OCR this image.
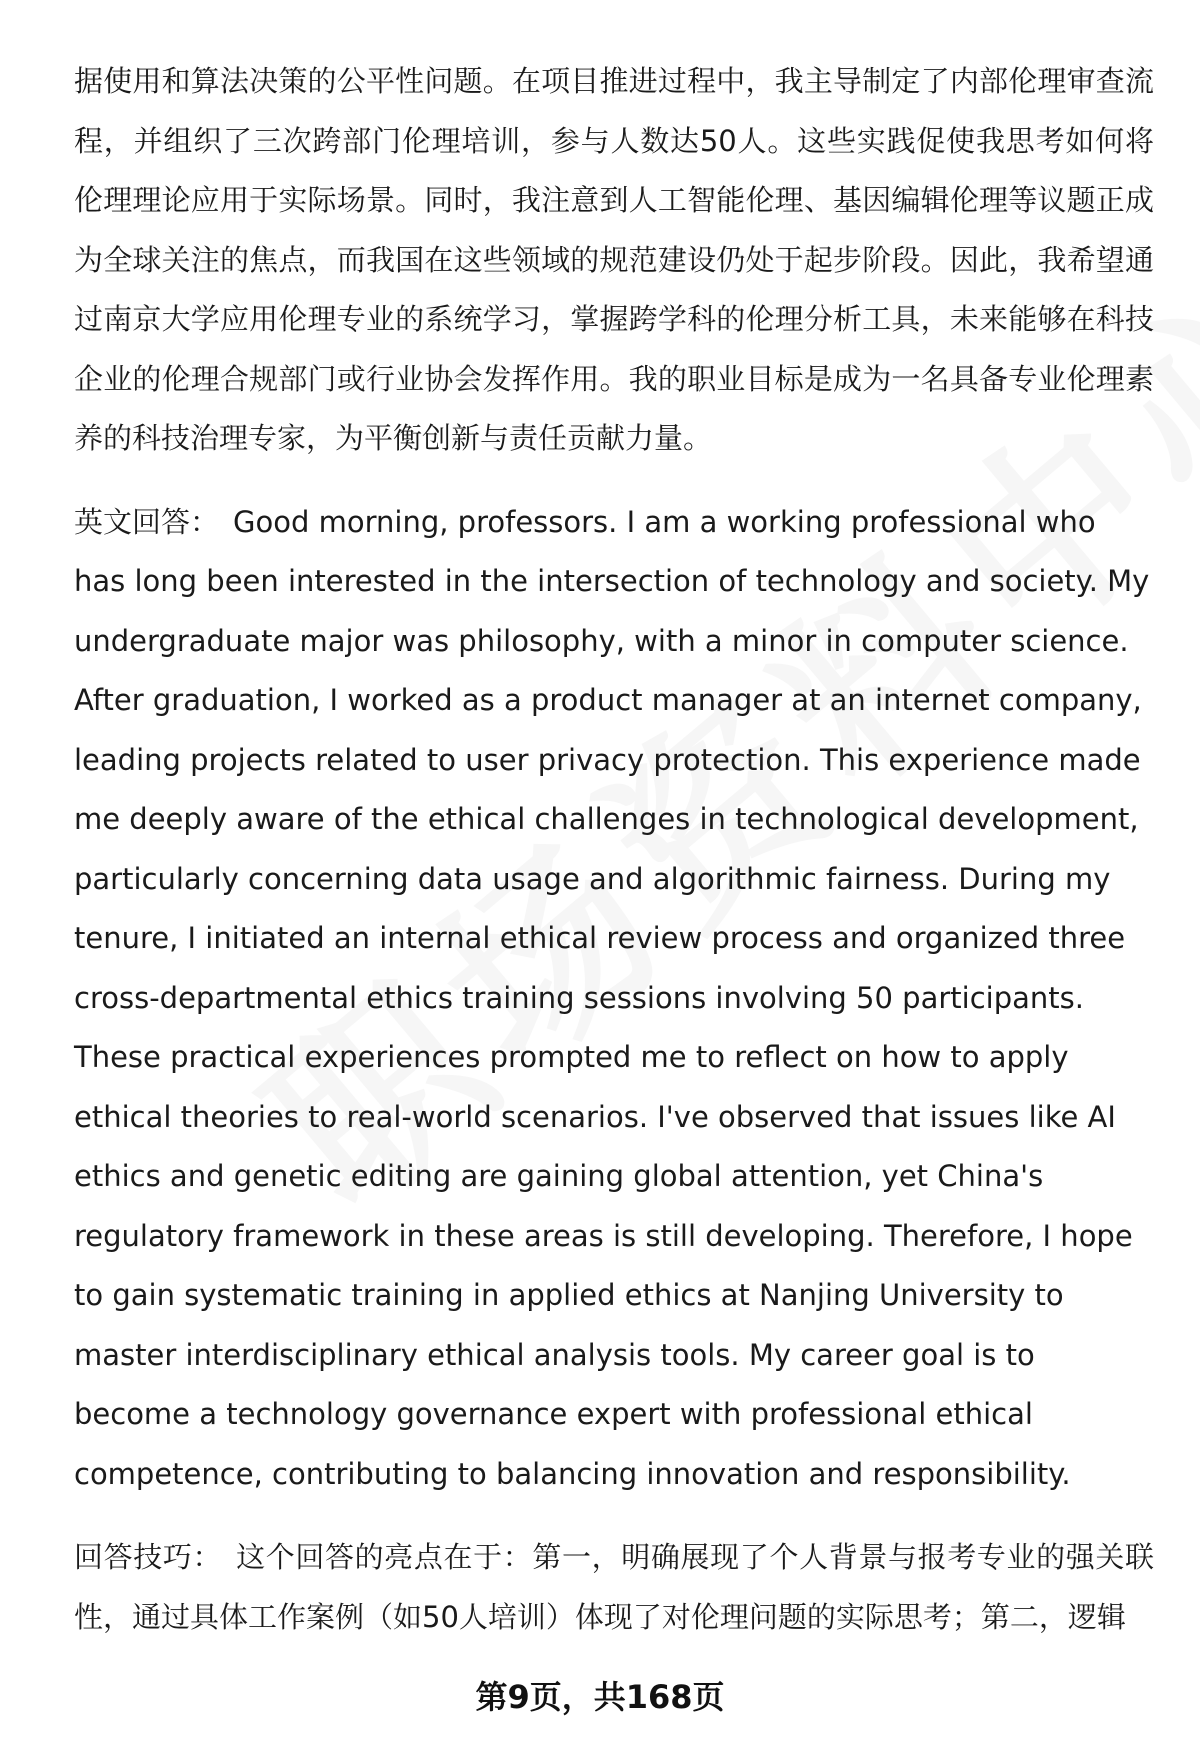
据使用和算法决策的公平性问题。在项目推进过程中，我主导制定了内部伦理审查流程，并组织了三次跨部门伦理培训，参与人数达50人。这些实践促使我思考如何将伦理理论应用于实际场景。同时，我注意到人工智能伦理、基因编辑伦理等议题正成为全球关注的焦点，而我国在这些领域的规范建设仍处于起步阶段。因此，我希望通过南京大学应用伦理专业的系统学习，掌握跨学科的伦理分析工具，未来能够在科技企业的伦理合规部门或行业协会发挥作用。我的职业目标是成为一名具备专业伦理素养的科技治理专家，为平衡创新与责任贡献力量。

英文回答： Good morning, professors. I am a working professional who has long been interested in the intersection of technology and society. My undergraduate major was philosophy, with a minor in computer science. After graduation, I worked as a product manager at an internet company, leading projects related to user privacy protection. This experience made me deeply aware of the ethical challenges in technological development, particularly concerning data usage and algorithmic fairness. During my tenure, I initiated an internal ethical review process and organized three cross-departmental ethics training sessions involving 50 participants. These practical experiences prompted me to reflect on how to apply ethical theories to real-world scenarios. I've observed that issues like AI ethics and genetic editing are gaining global attention, yet China's regulatory framework in these areas is still developing. Therefore, I hope to gain systematic training in applied ethics at Nanjing University to master interdisciplinary ethical analysis tools. My career goal is to become a technology governance expert with professional ethical competence, contributing to balancing innovation and responsibility.

回答技巧： 这个回答的亮点在于：第一，明确展现了个人背景与报考专业的强关联性，通过具体工作案例（如50人培训）体现了对伦理问题的实际思考；第二，逻辑

第9页，共168页
